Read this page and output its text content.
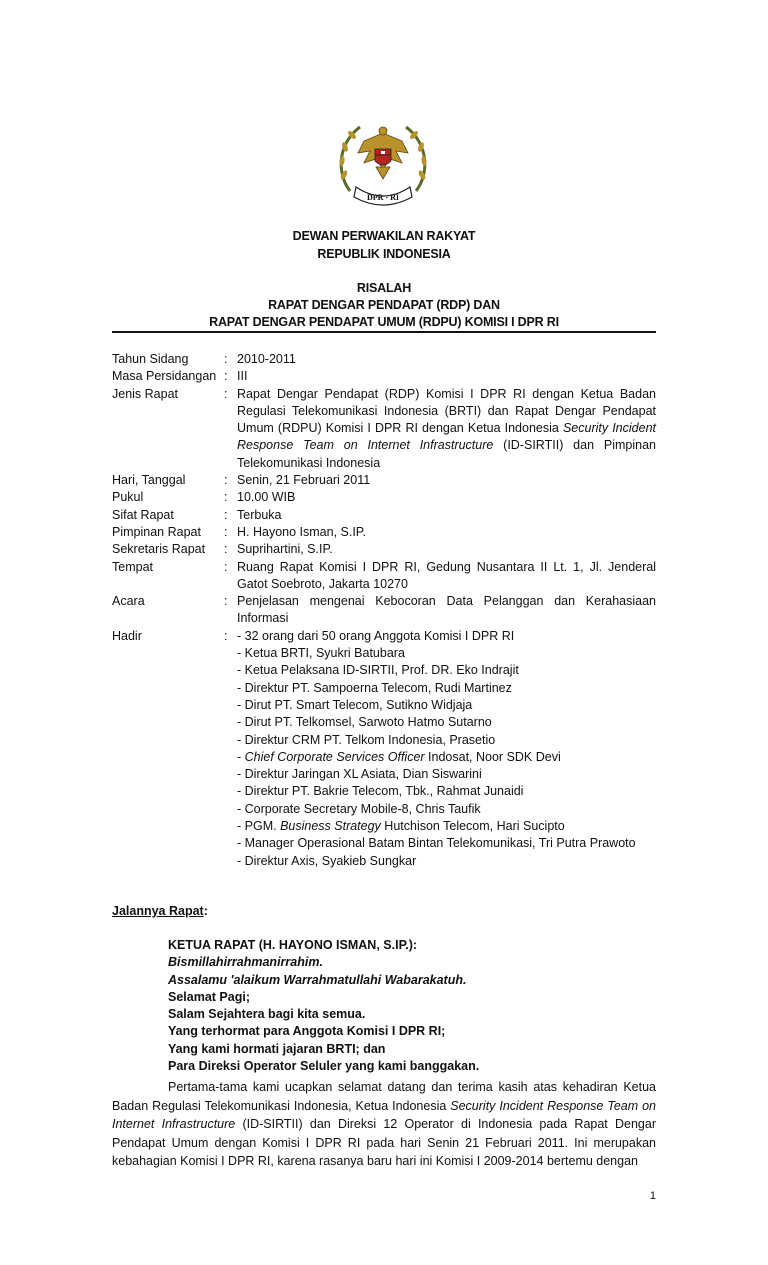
DPR - RI
DEWAN PERWAKILAN RAKYAT
REPUBLIK INDONESIA
RISALAH
RAPAT DENGAR PENDAPAT (RDP) DAN
RAPAT DENGAR PENDAPAT UMUM (RDPU) KOMISI I DPR RI
Tahun Sidang	: 2010-2011
Masa Persidangan : III
Jenis Rapat	: Rapat Dengar Pendapat (RDP) Komisi I DPR RI dengan Ketua Badan Regulasi Telekomunikasi Indonesia (BRTI) dan Rapat Dengar Pendapat Umum (RDPU) Komisi I DPR RI dengan Ketua Indonesia Security Incident Response Team on Internet Infrastructure (ID-SIRTII) dan Pimpinan Telekomunikasi Indonesia
Hari, Tanggal	: Senin, 21 Februari 2011
Pukul	: 10.00 WIB
Sifat Rapat	: Terbuka
Pimpinan Rapat	: H. Hayono Isman, S.IP.
Sekretaris Rapat	: Suprihartini, S.IP.
Tempat	: Ruang Rapat Komisi I DPR RI, Gedung Nusantara II Lt. 1, Jl. Jenderal Gatot Soebroto, Jakarta 10270
Acara	: Penjelasan mengenai Kebocoran Data Pelanggan dan Kerahasiaan Informasi
Hadir	: - 32 orang dari 50 orang Anggota Komisi I DPR RI
- Ketua BRTI, Syukri Batubara
- Ketua Pelaksana ID-SIRTII, Prof. DR. Eko Indrajit
- Direktur PT. Sampoerna Telecom, Rudi Martinez
- Dirut PT. Smart Telecom, Sutikno Widjaja
- Dirut PT. Telkomsel, Sarwoto Hatmo Sutarno
- Direktur CRM PT. Telkom Indonesia, Prasetio
- Chief Corporate Services Officer Indosat, Noor SDK Devi
- Direktur Jaringan XL Asiata, Dian Siswarini
- Direktur PT. Bakrie Telecom, Tbk., Rahmat Junaidi
- Corporate Secretary Mobile-8, Chris Taufik
- PGM. Business Strategy Hutchison Telecom, Hari Sucipto
- Manager Operasional Batam Bintan Telekomunikasi, Tri Putra Prawoto
- Direktur Axis, Syakieb Sungkar
Jalannya Rapat:
KETUA RAPAT (H. HAYONO ISMAN, S.IP.):
Bismillahirrahmanirrahim.
Assalamu 'alaikum Warrahmatullahi Wabarakatuh.
Selamat Pagi;
Salam Sejahtera bagi kita semua.
Yang terhormat para Anggota Komisi I DPR RI;
Yang kami hormati jajaran BRTI; dan
Para Direksi Operator Seluler yang kami banggakan.
Pertama-tama kami ucapkan selamat datang dan terima kasih atas kehadiran Ketua Badan Regulasi Telekomunikasi Indonesia, Ketua Indonesia Security Incident Response Team on Internet Infrastructure (ID-SIRTII) dan Direksi 12 Operator di Indonesia pada Rapat Dengar Pendapat Umum dengan Komisi I DPR RI pada hari Senin 21 Februari 2011. Ini merupakan kebahagian Komisi I DPR RI, karena rasanya baru hari ini Komisi I 2009-2014 bertemu dengan
1
